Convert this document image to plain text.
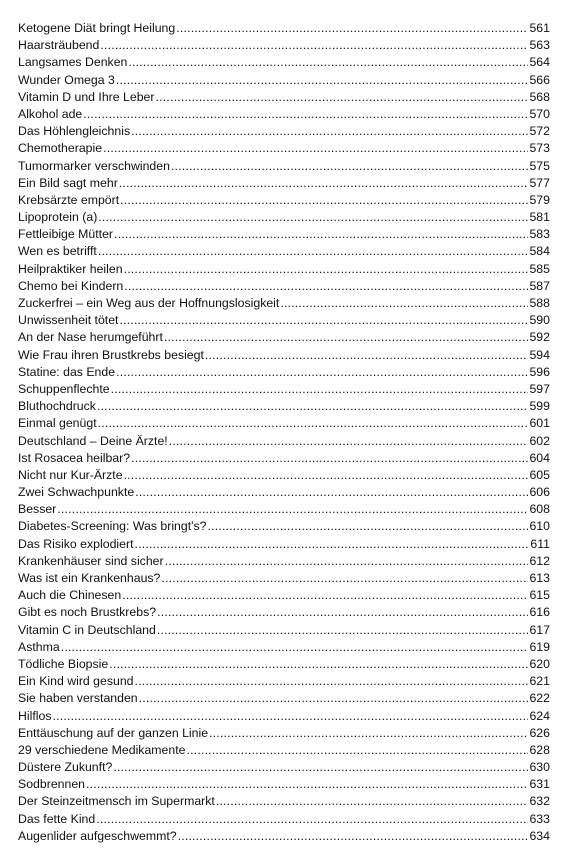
Ketogene Diät bringt Heilung .....	561
Haarsträubend .....	563
Langsames Denken .....	564
Wunder Omega 3 .....	566
Vitamin D und Ihre Leber .....	568
Alkohol ade .....	570
Das Höhlengleichnis .....	572
Chemotherapie .....	573
Tumormarker verschwinden .....	575
Ein Bild sagt mehr .....	577
Krebsärzte empört .....	579
Lipoprotein (a) .....	581
Fettleibige Mütter .....	583
Wen es betrifft .....	584
Heilpraktiker heilen .....	585
Chemo bei Kindern .....	587
Zuckerfrei – ein Weg aus der Hoffnungslosigkeit .....	588
Unwissenheit tötet .....	590
An der Nase herumgeführt .....	592
Wie Frau ihren Brustkrebs besiegt .....	594
Statine: das Ende .....	596
Schuppenflechte .....	597
Bluthochdruck .....	599
Einmal genügt .....	601
Deutschland – Deine Ärzte! .....	602
Ist Rosacea heilbar? .....	604
Nicht nur Kur-Ärzte .....	605
Zwei Schwachpunkte .....	606
Besser .....	608
Diabetes-Screening: Was bringt's? .....	610
Das Risiko explodiert .....	611
Krankenhäuser sind sicher .....	612
Was ist ein Krankenhaus? .....	613
Auch die Chinesen .....	615
Gibt es noch Brustkrebs? .....	616
Vitamin C in Deutschland .....	617
Asthma .....	619
Tödliche Biopsie .....	620
Ein Kind wird gesund .....	621
Sie haben verstanden .....	622
Hilflos .....	624
Enttäuschung auf der ganzen Linie .....	626
29 verschiedene Medikamente .....	628
Düstere Zukunft? .....	630
Sodbrennen .....	631
Der Steinzeitmensch im Supermarkt .....	632
Das fette Kind .....	633
Augenlider aufgeschwemmt? .....	634
